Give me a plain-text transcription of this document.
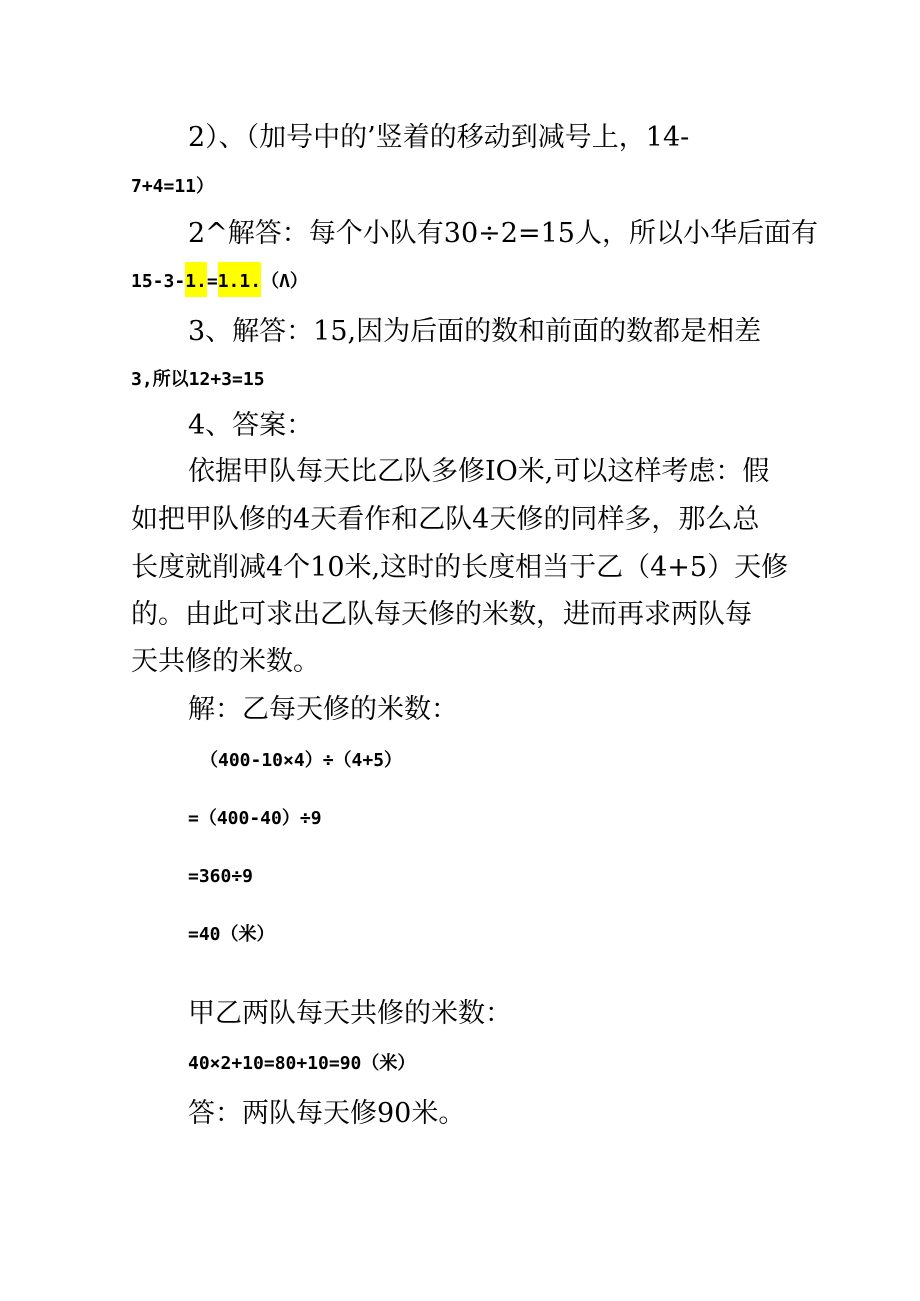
2）、（加号中的’竖着的移动到减号上，14-
7+4=11）
2^解答：每个小队有30÷2=15人，所以小华后面有
15-3-1.=1.1.（Λ）
3、解答：15,因为后面的数和前面的数都是相差
3,所以12+3=15
4、答案：
依据甲队每天比乙队多修IO米,可以这样考虑：假
如把甲队修的4天看作和乙队4天修的同样多，那么总
长度就削减4个10米,这时的长度相当于乙（4+5）天修
的。由此可求出乙队每天修的米数，进而再求两队每
天共修的米数。
解：乙每天修的米数：
（400-10×4）÷（4+5）
=（400-40）÷9
=360÷9
=40（米）
甲乙两队每天共修的米数：
40×2+10=80+10=90（米）
答：两队每天修90米。
